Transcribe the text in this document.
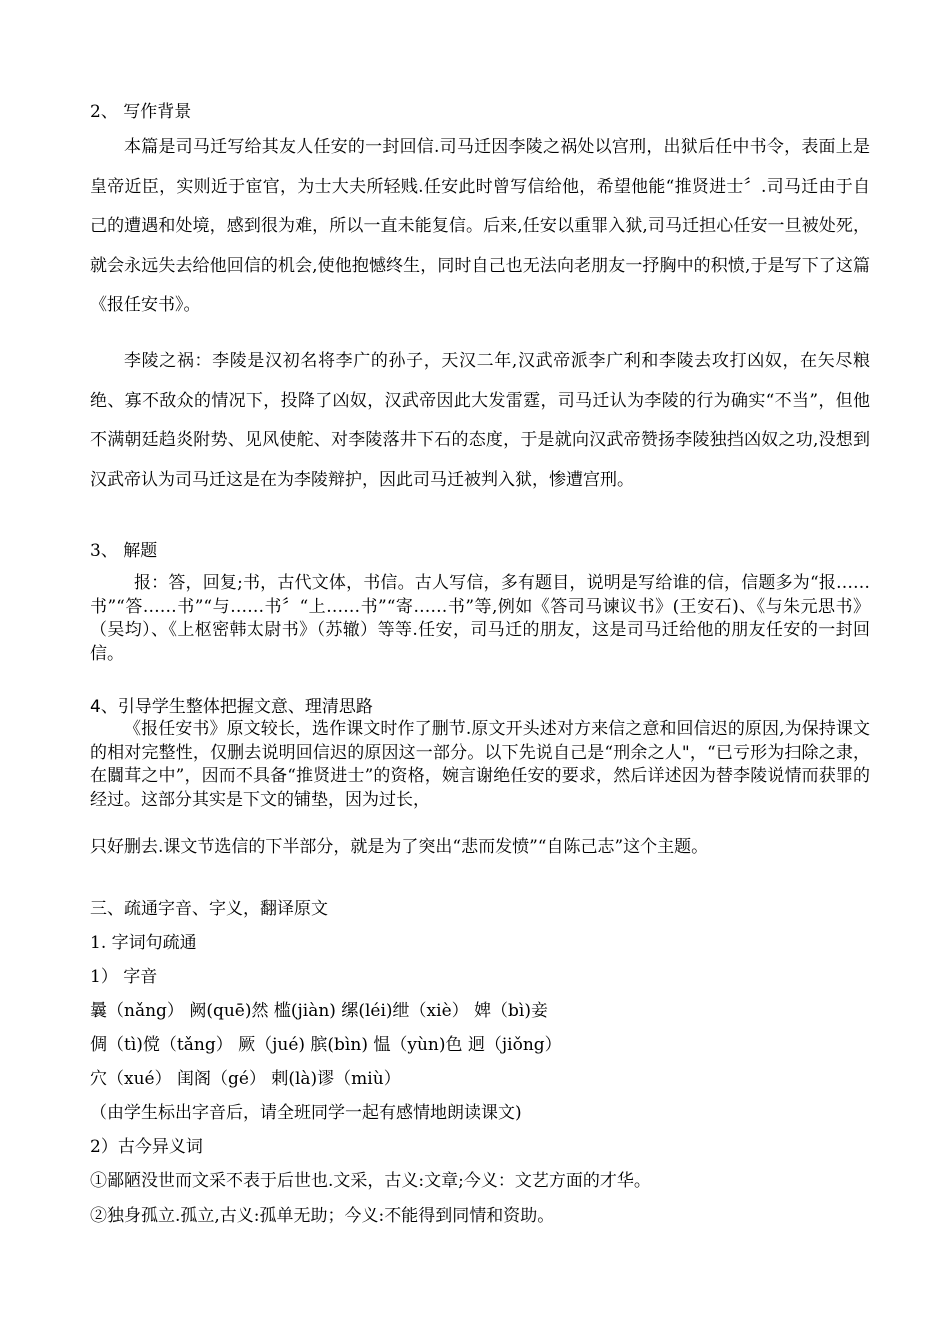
2、 写作背景
本篇是司马迁写给其友人任安的一封回信.司马迁因李陵之祸处以宫刑，出狱后任中书令，表面上是皇帝近臣，实则近于宦官，为士大夫所轻贱.任安此时曾写信给他，希望他能“推贤进士〞.司马迁由于自己的遭遇和处境，感到很为难，所以一直未能复信。后来,任安以重罪入狱,司马迁担心任安一旦被处死，就会永远失去给他回信的机会,使他抱憾终生，同时自己也无法向老朋友一抒胸中的积愤,于是写下了这篇《报任安书》。
李陵之祸：李陵是汉初名将李广的孙子，天汉二年,汉武帝派李广利和李陵去攻打凶奴，在矢尽粮绝、寡不敌众的情况下，投降了凶奴，汉武帝因此大发雷霆，司马迁认为李陵的行为确实“不当”，但他不满朝廷趋炎附势、见风使舵、对李陵落井下石的态度，于是就向汉武帝赞扬李陵独挡凶奴之功,没想到汉武帝认为司马迁这是在为李陵辩护，因此司马迁被判入狱，惨遭宫刑。
3、 解题
报：答，回复;书，古代文体，书信。古人写信，多有题目，说明是写给谁的信，信题多为“报……书”“答……书”“与……书〞“上……书”“寄……书”等,例如《答司马谏议书》(王安石)、《与朱元思书》（吴均）、《上枢密韩太尉书》（苏辙）等等.任安，司马迁的朋友，这是司马迁给他的朋友任安的一封回信。
4、引导学生整体把握文意、理清思路
《报任安书》原文较长，选作课文时作了删节.原文开头述对方来信之意和回信迟的原因,为保持课文的相对完整性，仅删去说明回信迟的原因这一部分。以下先说自己是“刑余之人"，“已亏形为扫除之隶，在闒茸之中”，因而不具备“推贤进士”的资格，婉言谢绝任安的要求，然后详述因为替李陵说情而获罪的经过。这部分其实是下文的铺垫，因为过长，
只好删去.课文节选信的下半部分，就是为了突出“悲而发愤”“自陈己志”这个主题。
三、疏通字音、字义，翻译原文
1. 字词句疏通
1） 字音
曩（nǎng） 阙(quē)然 槛(jiàn) 缧(léi)绁（xiè） 婢（bì)妾
倜（tì)傥（tǎng） 厥（jué) 膑(bìn) 愠（yùn)色 迥（jiǒng）
穴（xué） 闺阁（gé） 剌(là)谬（miù）
（由学生标出字音后，请全班同学一起有感情地朗读课文)
2）古今异义词
①鄙陋没世而文采不表于后世也.文采，古义:文章;今义：文艺方面的才华。
②独身孤立.孤立,古义:孤单无助；今义:不能得到同情和资助。
